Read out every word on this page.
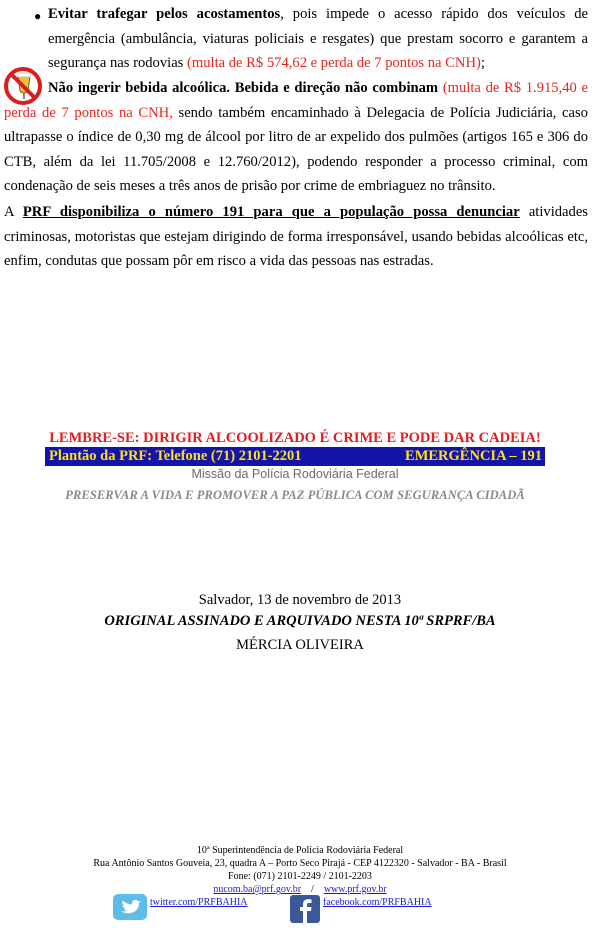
● Evitar trafegar pelos acostamentos, pois impede o acesso rápido dos veículos de emergência (ambulância, viaturas policiais e resgates) que prestam socorro e garantem a segurança nas rodovias (multa de R$ 574,62 e perda de 7 pontos na CNH);
Não ingerir bebida alcoólica. Bebida e direção não combinam (multa de R$ 1.915,40 e perda de 7 pontos na CNH, sendo também encaminhado à Delegacia de Polícia Judiciária, caso ultrapasse o índice de 0,30 mg de álcool por litro de ar expelido dos pulmões (artigos 165 e 306 do CTB, além da lei 11.705/2008 e 12.760/2012), podendo responder a processo criminal, com condenação de seis meses a três anos de prisão por crime de embriaguez no trânsito.
A PRF disponibiliza o número 191 para que a população possa denunciar atividades criminosas, motoristas que estejam dirigindo de forma irresponsável, usando bebidas alcoólicas etc, enfim, condutas que possam pôr em risco a vida das pessoas nas estradas.
LEMBRE-SE: DIRIGIR ALCOOLIZADO É CRIME E PODE DAR CADEIA!
Plantão da PRF: Telefone (71) 2101-2201	EMERGÊNCIA – 191
Missão da Polícia Rodoviária Federal
PRESERVAR A VIDA E PROMOVER A PAZ PÚBLICA COM SEGURANÇA CIDADÃ
Salvador, 13 de novembro de 2013
ORIGINAL ASSINADO E ARQUIVADO NESTA 10ª SRPRF/BA
MÉRCIA OLIVEIRA
10ª Superintendência de Polícia Rodoviária Federal
Rua Antônio Santos Gouveia, 23, quadra A – Porto Seco Pirajá - CEP 4122320 - Salvador - BA - Brasil
Fone: (071) 2101-2249 / 2101-2203
nucom.ba@prf.gov.br / www.prf.gov.br
twitter.com/PRFBAHIA	facebook.com/PRFBAHIA
